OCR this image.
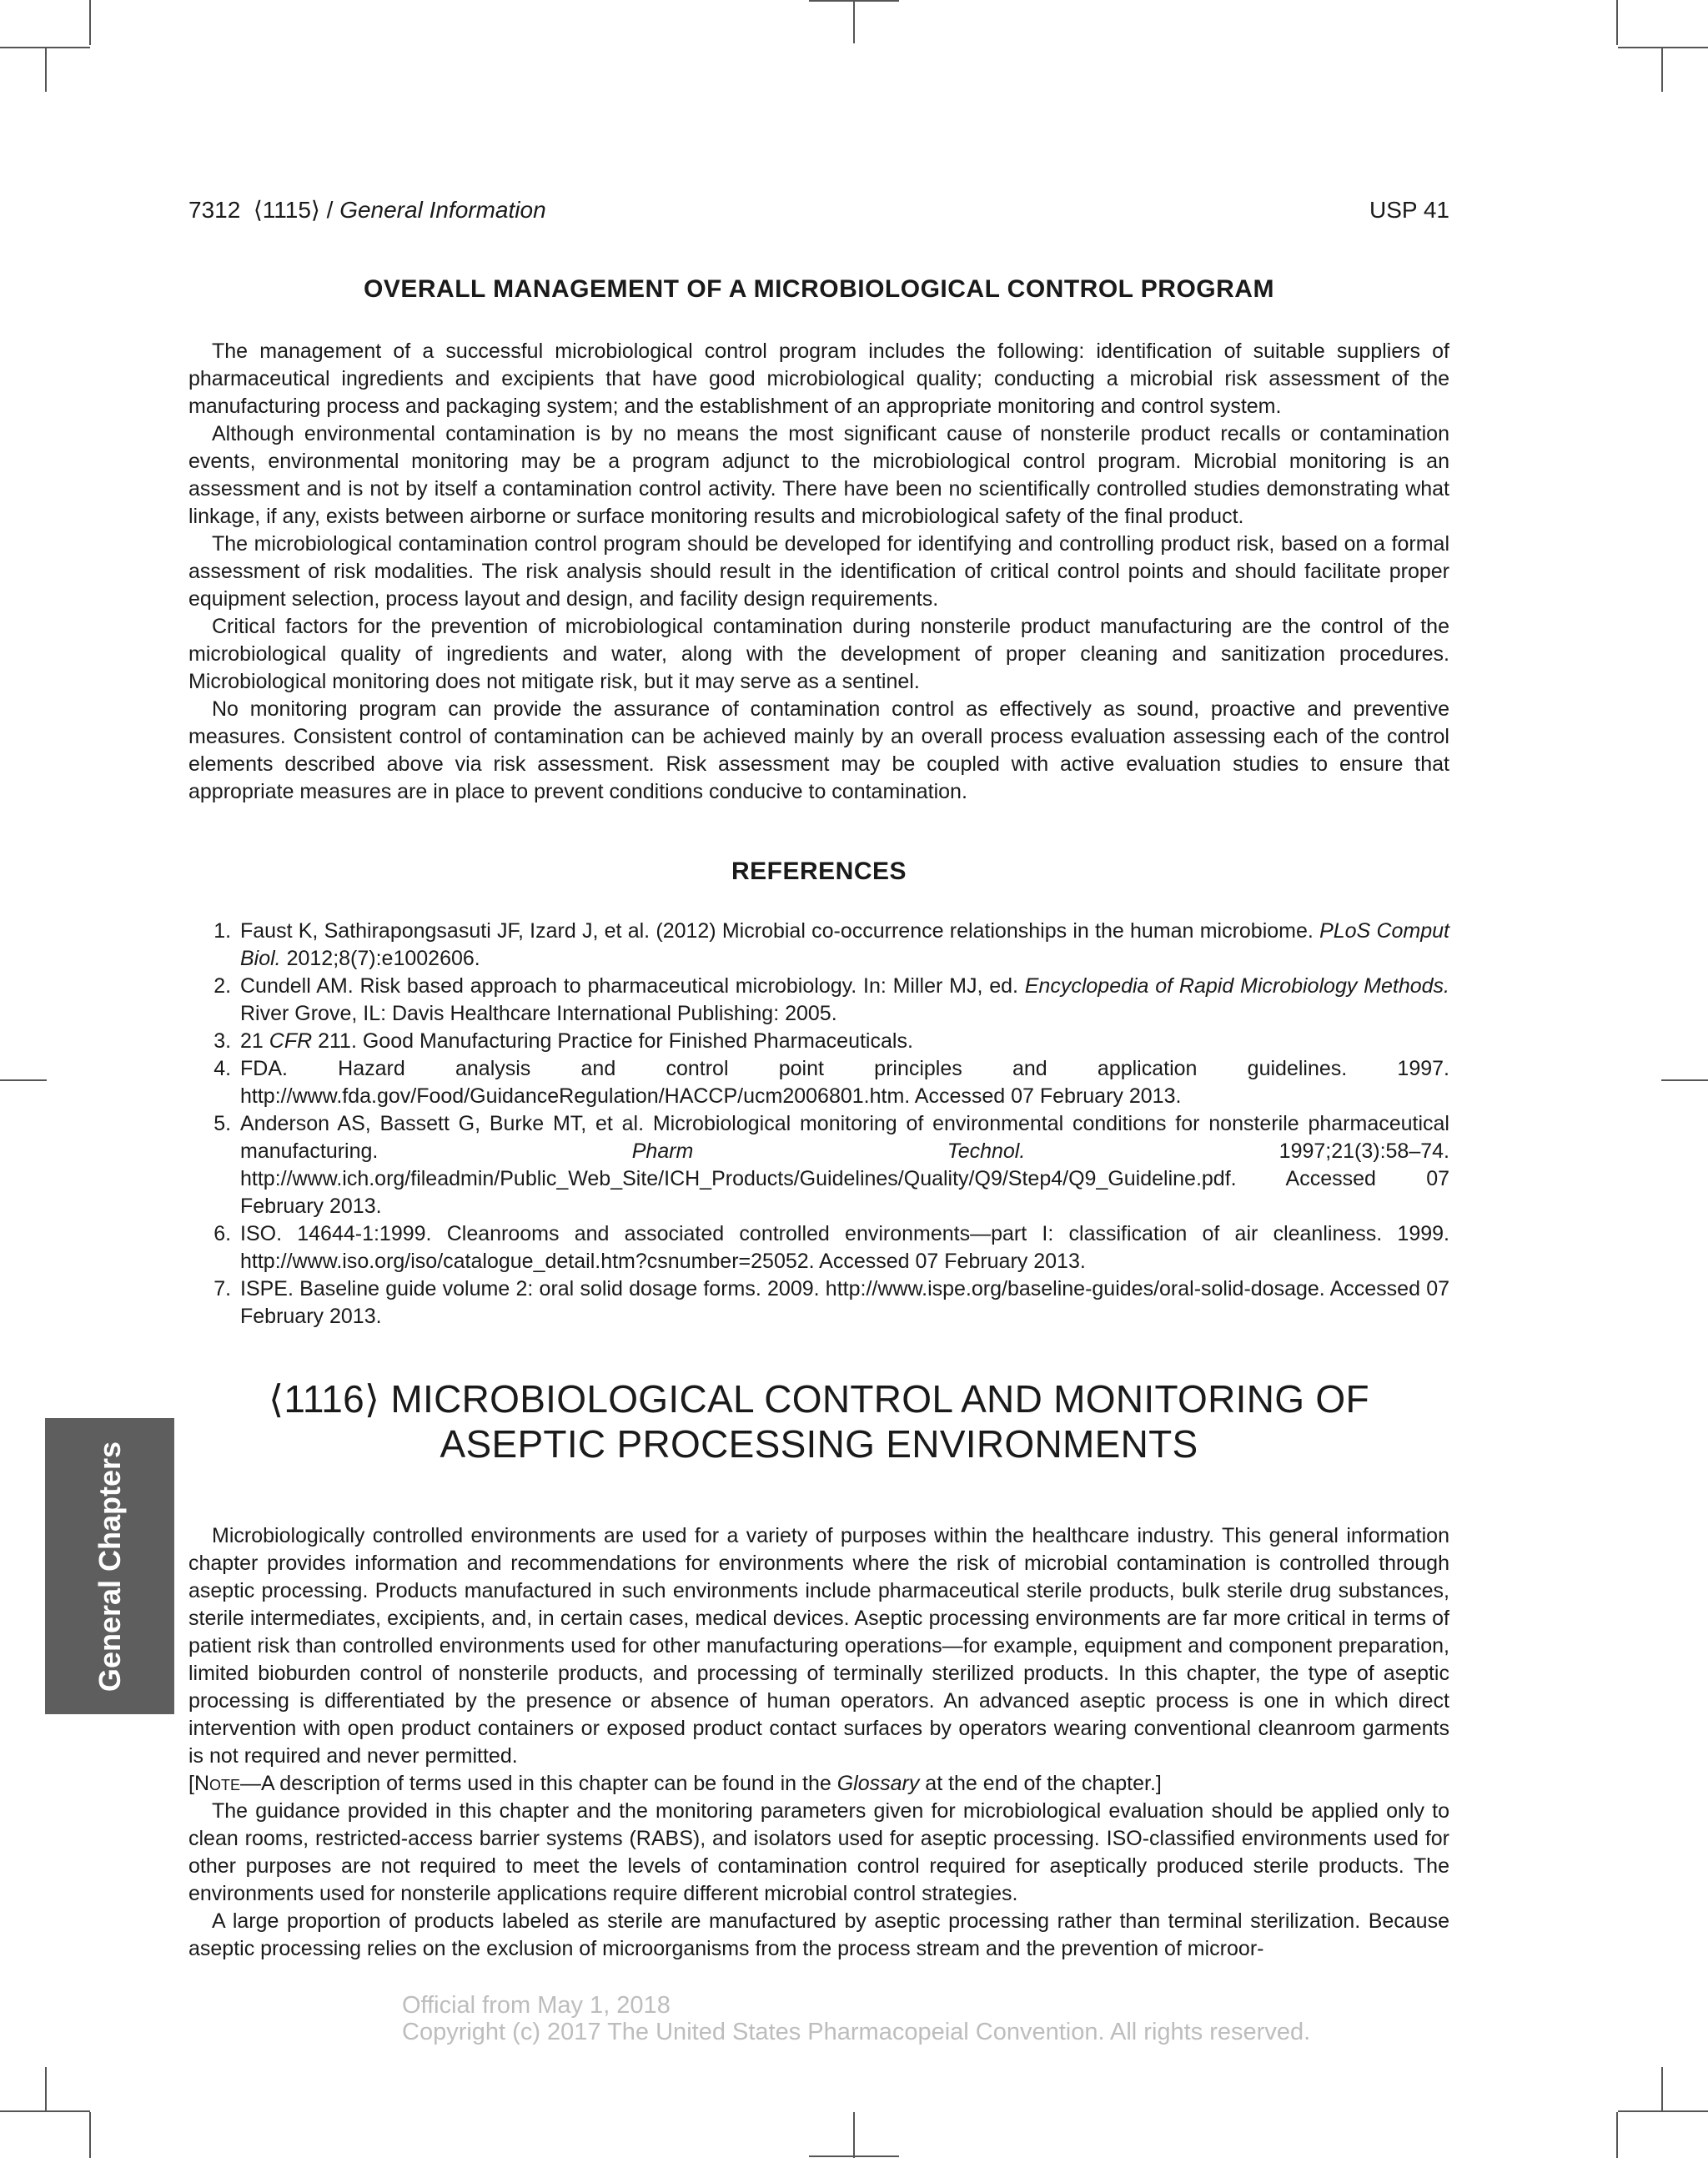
7312 ⟨1115⟩ / General Information	USP 41
OVERALL MANAGEMENT OF A MICROBIOLOGICAL CONTROL PROGRAM

The management of a successful microbiological control program includes the following: identification of suitable suppliers of pharmaceutical ingredients and excipients that have good microbiological quality; conducting a microbial risk assessment of the manufacturing process and packaging system; and the establishment of an appropriate monitoring and control system.

Although environmental contamination is by no means the most significant cause of nonsterile product recalls or contamination events, environmental monitoring may be a program adjunct to the microbiological control program. Microbial monitoring is an assessment and is not by itself a contamination control activity. There have been no scientifically controlled studies demonstrating what linkage, if any, exists between airborne or surface monitoring results and microbiological safety of the final product.

The microbiological contamination control program should be developed for identifying and controlling product risk, based on a formal assessment of risk modalities. The risk analysis should result in the identification of critical control points and should facilitate proper equipment selection, process layout and design, and facility design requirements.

Critical factors for the prevention of microbiological contamination during nonsterile product manufacturing are the control of the microbiological quality of ingredients and water, along with the development of proper cleaning and sanitization procedures. Microbiological monitoring does not mitigate risk, but it may serve as a sentinel.

No monitoring program can provide the assurance of contamination control as effectively as sound, proactive and preventive measures. Consistent control of contamination can be achieved mainly by an overall process evaluation assessing each of the control elements described above via risk assessment. Risk assessment may be coupled with active evaluation studies to ensure that appropriate measures are in place to prevent conditions conducive to contamination.

REFERENCES
1. Faust K, Sathirapongsasuti JF, Izard J, et al. (2012) Microbial co-occurrence relationships in the human microbiome. PLoS Comput Biol. 2012;8(7):e1002606.
2. Cundell AM. Risk based approach to pharmaceutical microbiology. In: Miller MJ, ed. Encyclopedia of Rapid Microbiology Methods. River Grove, IL: Davis Healthcare International Publishing: 2005.
3. 21 CFR 211. Good Manufacturing Practice for Finished Pharmaceuticals.
4. FDA. Hazard analysis and control point principles and application guidelines. 1997. http://www.fda.gov/Food/GuidanceRegulation/HACCP/ucm2006801.htm. Accessed 07 February 2013.
5. Anderson AS, Bassett G, Burke MT, et al. Microbiological monitoring of environmental conditions for nonsterile pharmaceutical manufacturing. Pharm Technol. 1997;21(3):58–74. http://www.ich.org/fileadmin/Public_Web_Site/ICH_Products/Guidelines/Quality/Q9/Step4/Q9_Guideline.pdf. Accessed 07 February 2013.
6. ISO. 14644-1:1999. Cleanrooms and associated controlled environments—part I: classification of air cleanliness. 1999. http://www.iso.org/iso/catalogue_detail.htm?csnumber=25052. Accessed 07 February 2013.
7. ISPE. Baseline guide volume 2: oral solid dosage forms. 2009. http://www.ispe.org/baseline-guides/oral-solid-dosage. Accessed 07 February 2013.
⟨1116⟩ MICROBIOLOGICAL CONTROL AND MONITORING OF
ASEPTIC PROCESSING ENVIRONMENTS

Microbiologically controlled environments are used for a variety of purposes within the healthcare industry. This general information chapter provides information and recommendations for environments where the risk of microbial contamination is controlled through aseptic processing. Products manufactured in such environments include pharmaceutical sterile products, bulk sterile drug substances, sterile intermediates, excipients, and, in certain cases, medical devices. Aseptic processing environments are far more critical in terms of patient risk than controlled environments used for other manufacturing operations—for example, equipment and component preparation, limited bioburden control of nonsterile products, and processing of terminally sterilized products. In this chapter, the type of aseptic processing is differentiated by the presence or absence of human operators. An advanced aseptic process is one in which direct intervention with open product containers or exposed product contact surfaces by operators wearing conventional cleanroom garments is not required and never permitted.

[Note—A description of terms used in this chapter can be found in the Glossary at the end of the chapter.]

The guidance provided in this chapter and the monitoring parameters given for microbiological evaluation should be applied only to clean rooms, restricted-access barrier systems (RABS), and isolators used for aseptic processing. ISO-classified environments used for other purposes are not required to meet the levels of contamination control required for aseptically produced sterile products. The environments used for nonsterile applications require different microbial control strategies.

A large proportion of products labeled as sterile are manufactured by aseptic processing rather than terminal sterilization. Because aseptic processing relies on the exclusion of microorganisms from the process stream and the prevention of microor-

General Chapters
Official from May 1, 2018
Copyright (c) 2017 The United States Pharmacopeial Convention. All rights reserved.
